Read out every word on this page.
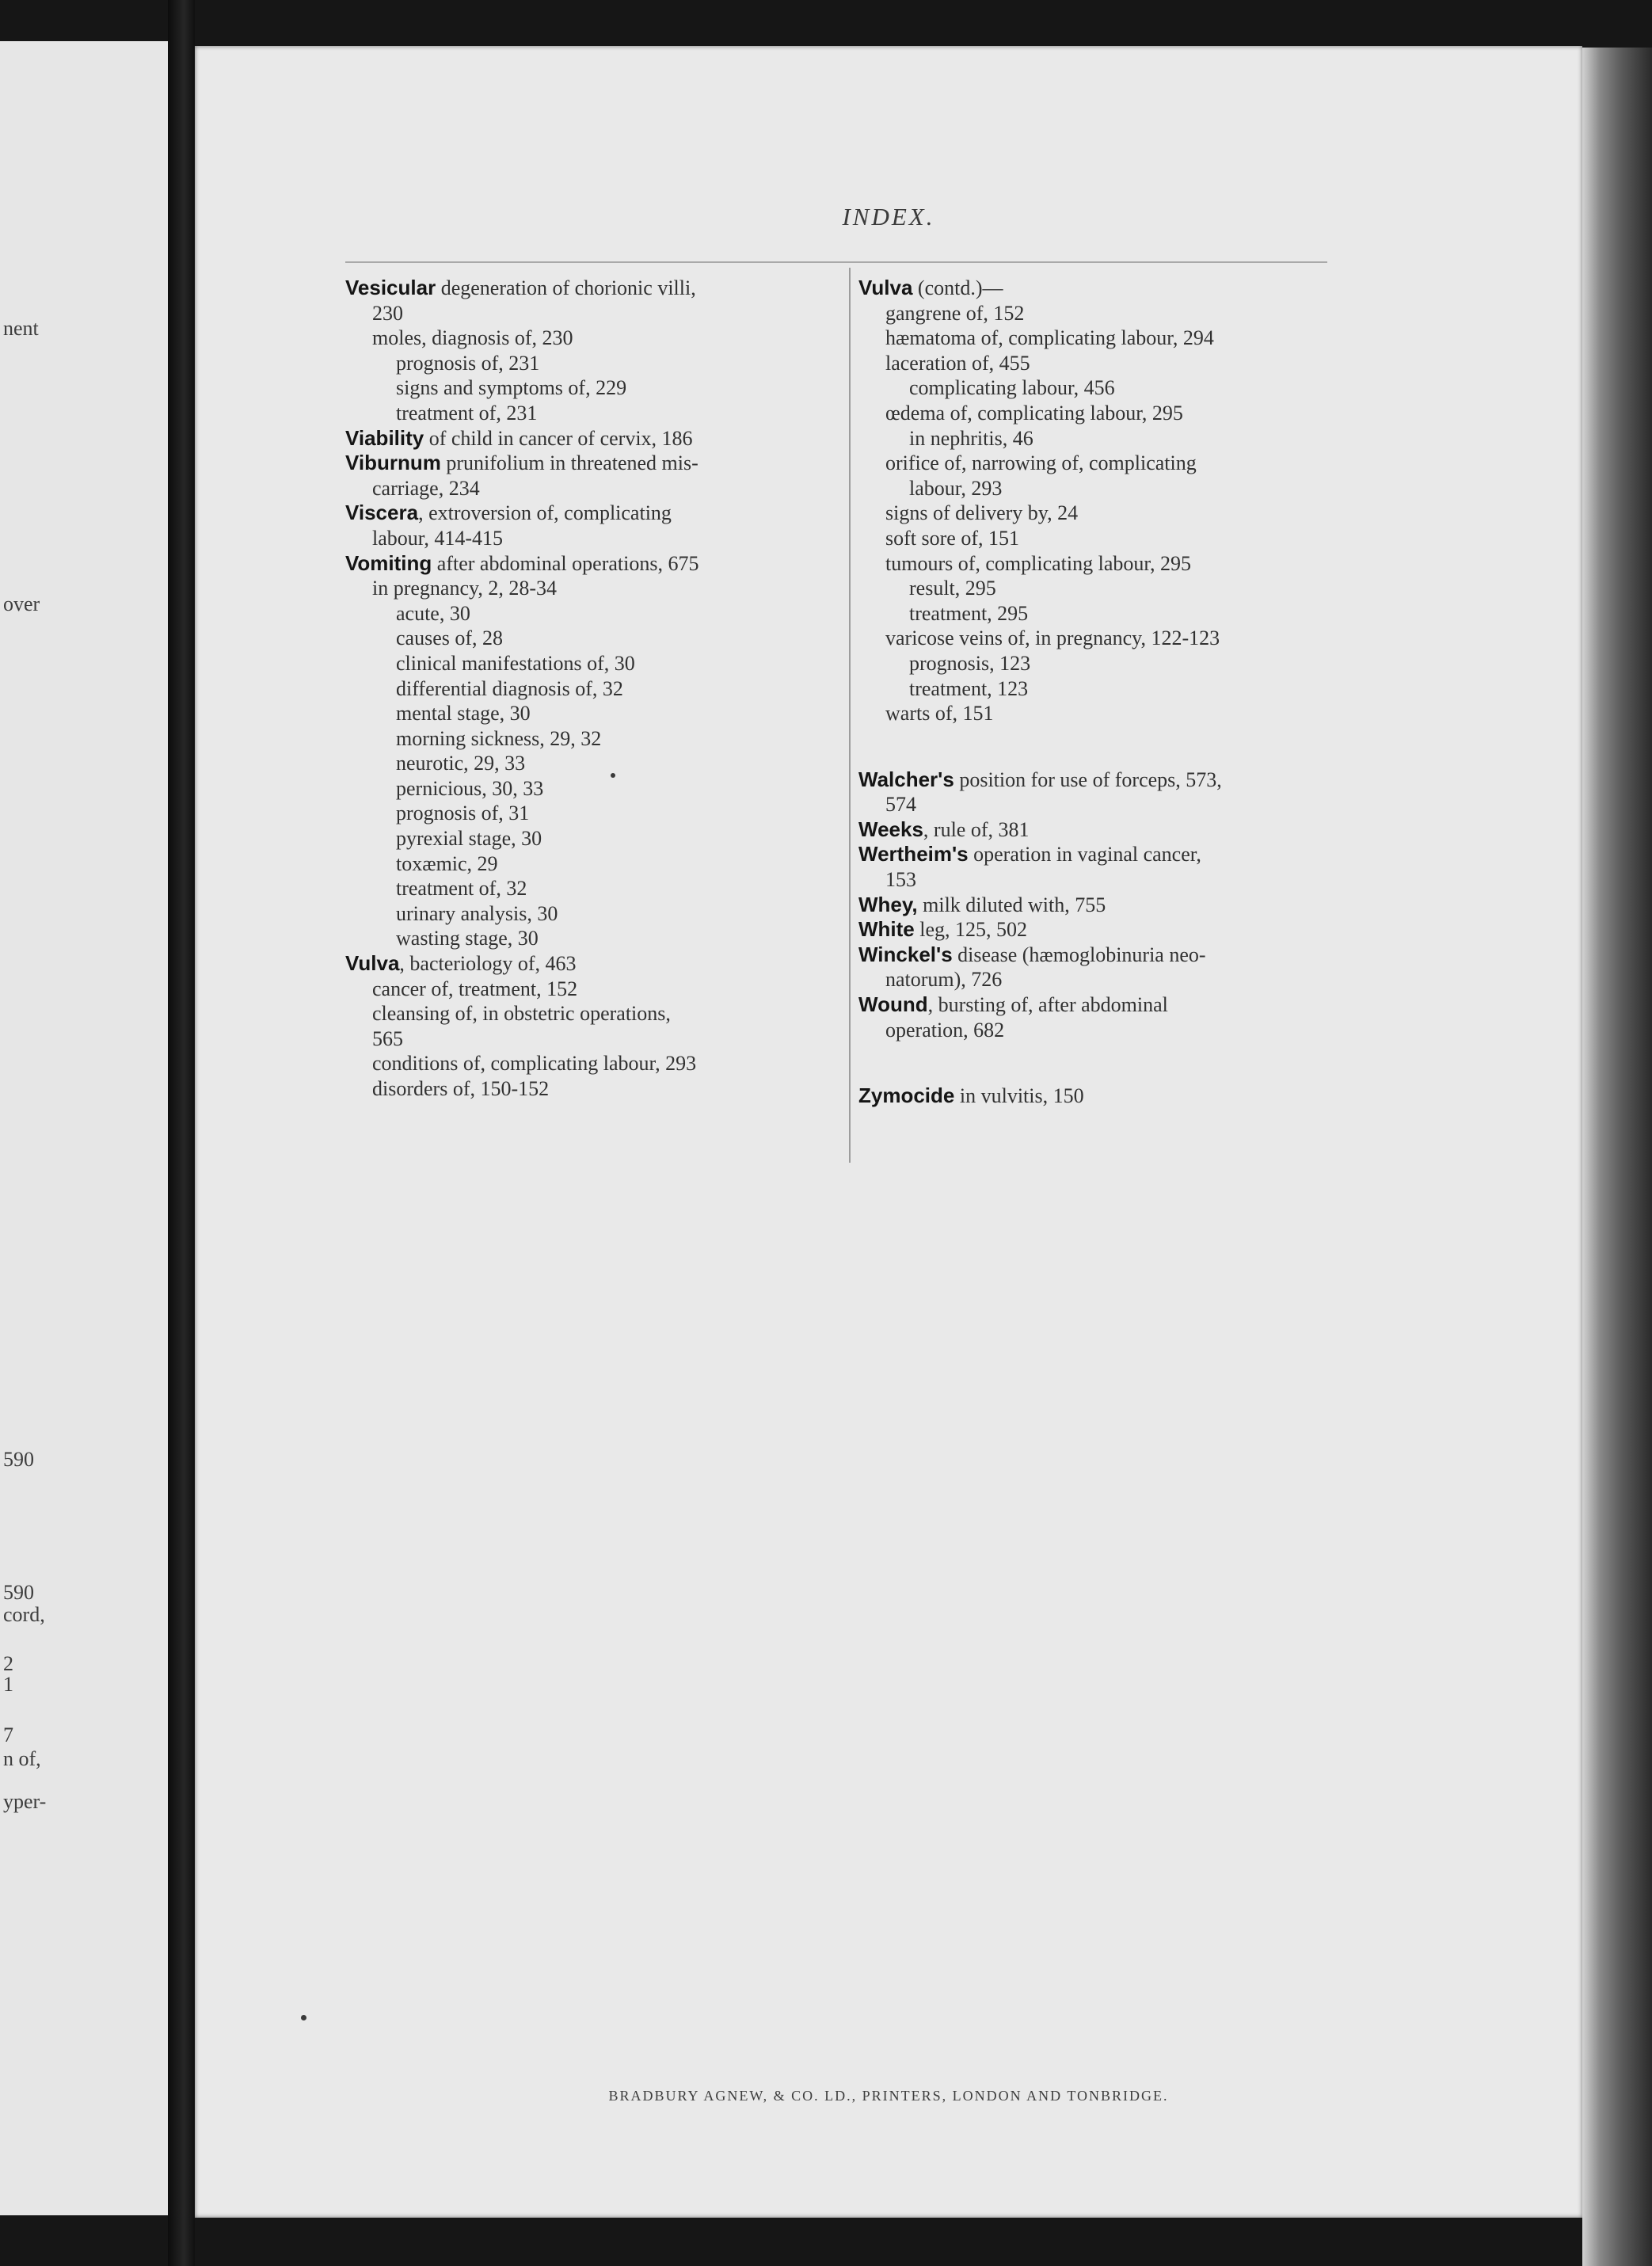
nent
over
590
590
cord,
2
1
7
n of,
yper-
INDEX.
Vesicular degeneration of chorionic villi,
230
moles, diagnosis of, 230
prognosis of, 231
signs and symptoms of, 229
treatment of, 231
Viability of child in cancer of cervix, 186
Viburnum prunifolium in threatened mis-
carriage, 234
Viscera, extroversion of, complicating
labour, 414-415
Vomiting after abdominal operations, 675
in pregnancy, 2, 28-34
acute, 30
causes of, 28
clinical manifestations of, 30
differential diagnosis of, 32
mental stage, 30
morning sickness, 29, 32
neurotic, 29, 33
pernicious, 30, 33
prognosis of, 31
pyrexial stage, 30
toxæmic, 29
treatment of, 32
urinary analysis, 30
wasting stage, 30
Vulva, bacteriology of, 463
cancer of, treatment, 152
cleansing of, in obstetric operations,
565
conditions of, complicating labour, 293
disorders of, 150-152
Vulva (contd.)—
gangrene of, 152
hæmatoma of, complicating labour, 294
laceration of, 455
complicating labour, 456
œdema of, complicating labour, 295
in nephritis, 46
orifice of, narrowing of, complicating
labour, 293
signs of delivery by, 24
soft sore of, 151
tumours of, complicating labour, 295
result, 295
treatment, 295
varicose veins of, in pregnancy, 122-123
prognosis, 123
treatment, 123
warts of, 151
Walcher's position for use of forceps, 573,
574
Weeks, rule of, 381
Wertheim's operation in vaginal cancer,
153
Whey, milk diluted with, 755
White leg, 125, 502
Winckel's disease (hæmoglobinuria neo-
natorum), 726
Wound, bursting of, after abdominal
operation, 682
Zymocide in vulvitis, 150
BRADBURY AGNEW, & CO. LD., PRINTERS, LONDON AND TONBRIDGE.
